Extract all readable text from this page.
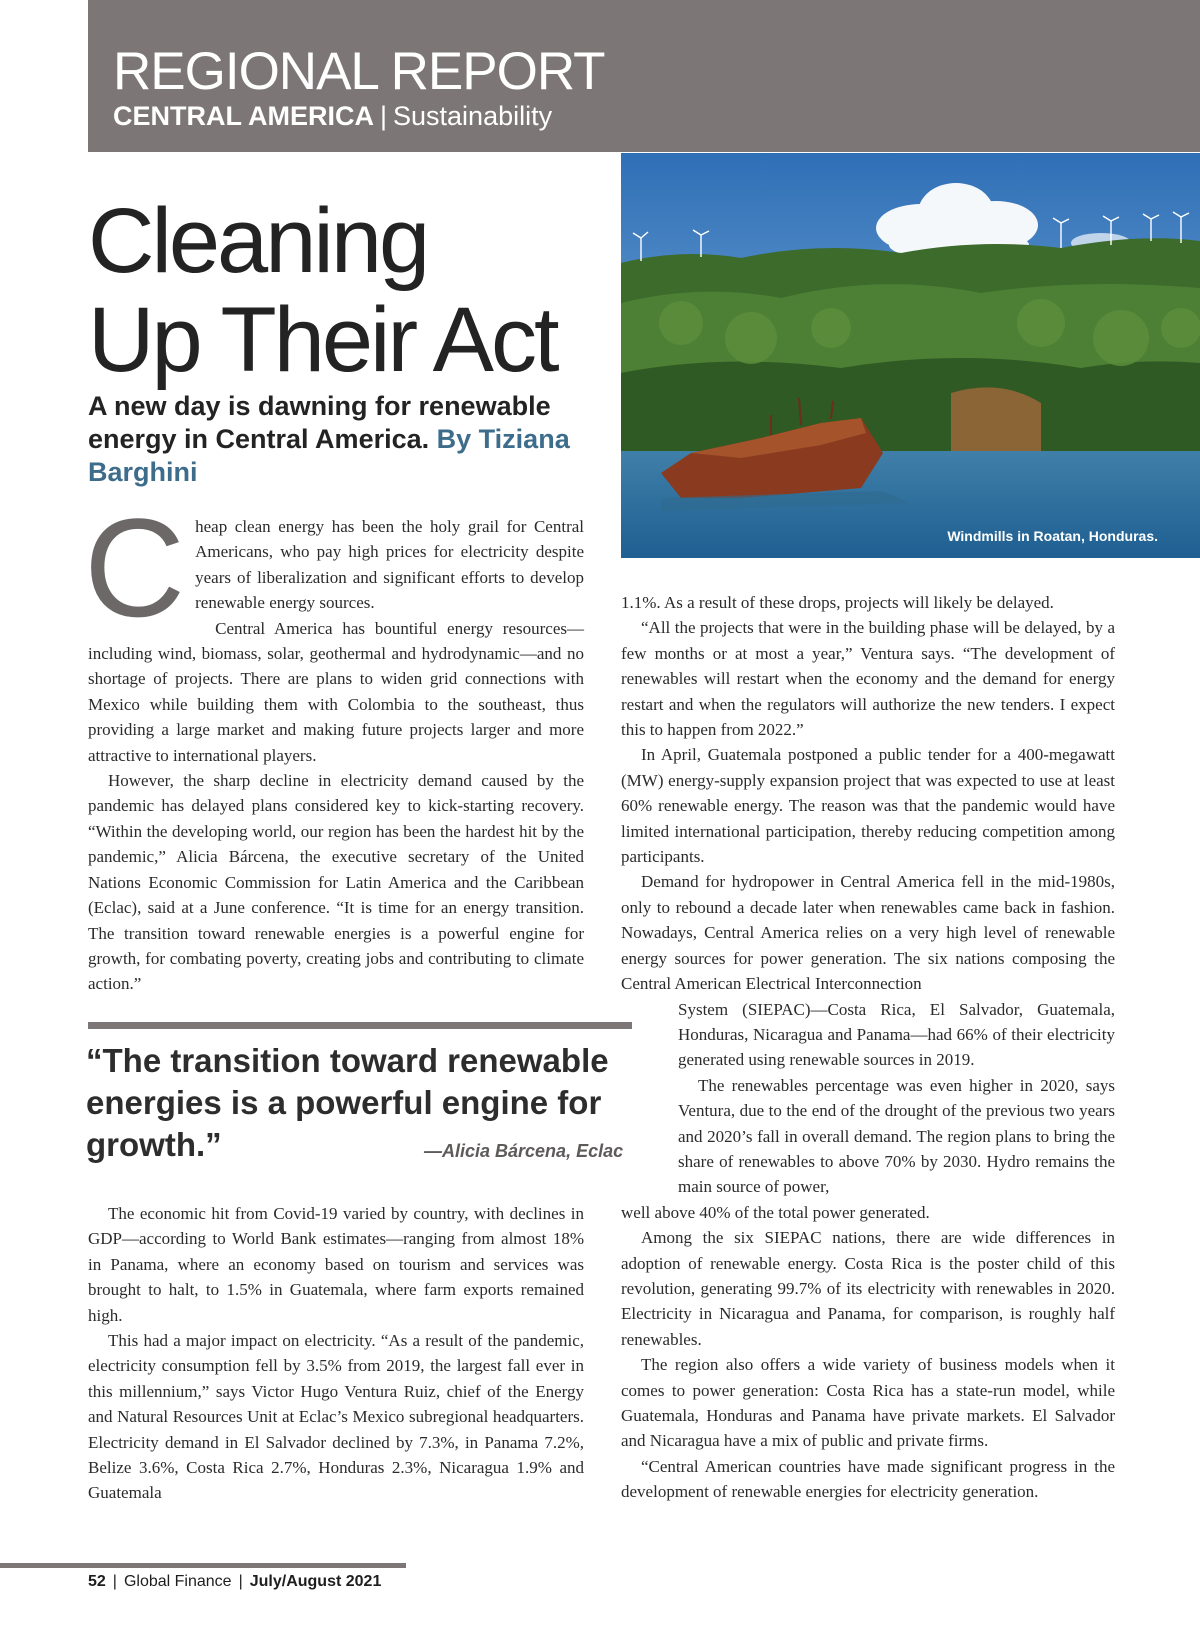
REGIONAL REPORT
CENTRAL AMERICA | Sustainability
Windmills in Roatan, Honduras.
Cleaning
Up Their Act

A new day is dawning for renewable energy in Central America. By Tiziana Barghini

C heap clean energy has been the holy grail for Central Americans, who pay high prices for electricity despite years of liberalization and significant efforts to develop renewable energy sources.

Central America has bountiful energy resources—including wind, biomass, solar, geothermal and hydrodynamic—and no shortage of projects. There are plans to widen grid connections with Mexico while building them with Colombia to the southeast, thus providing a large market and making future projects larger and more attractive to international players.

However, the sharp decline in electricity demand caused by the pandemic has delayed plans considered key to kick-starting recovery. “Within the developing world, our region has been the hardest hit by the pandemic,” Alicia Bárcena, the executive secretary of the United Nations Economic Commission for Latin America and the Caribbean (Eclac), said at a June conference. “It is time for an energy transition. The transition toward renewable energies is a powerful engine for growth, for combating poverty, creating jobs and contributing to climate action.”

“The transition toward renewable energies is a powerful engine for growth.”	—Alicia Bárcena, Eclac

The economic hit from Covid-19 varied by country, with declines in GDP—according to World Bank estimates—ranging from almost 18% in Panama, where an economy based on tourism and services was brought to halt, to 1.5% in Guatemala, where farm exports remained high.

This had a major impact on electricity. “As a result of the pandemic, electricity consumption fell by 3.5% from 2019, the largest fall ever in this millennium,” says Victor Hugo Ventura Ruiz, chief of the Energy and Natural Resources Unit at Eclac’s Mexico subregional headquarters. Electricity demand in El Salvador declined by 7.3%, in Panama 7.2%, Belize 3.6%, Costa Rica 2.7%, Honduras 2.3%, Nicaragua 1.9% and Guatemala

1.1%. As a result of these drops, projects will likely be delayed.

“All the projects that were in the building phase will be delayed, by a few months or at most a year,” Ventura says. “The development of renewables will restart when the economy and the demand for energy restart and when the regulators will authorize the new tenders. I expect this to happen from 2022.”

In April, Guatemala postponed a public tender for a 400-megawatt (MW) energy-supply expansion project that was expected to use at least 60% renewable energy. The reason was that the pandemic would have limited international participation, thereby reducing competition among participants.

Demand for hydropower in Central America fell in the mid-1980s, only to rebound a decade later when renewables came back in fashion. Nowadays, Central America relies on a very high level of renewable energy sources for power generation. The six nations composing the Central American Electrical Interconnection

System (SIEPAC)—Costa Rica, El Salvador, Guatemala, Honduras, Nicaragua and Panama—had 66% of their electricity generated using renewable sources in 2019.

The renewables percentage was even higher in 2020, says Ventura, due to the end of the drought of the previous two years and 2020’s fall in overall demand. The region plans to bring the share of renewables to above 70% by 2030. Hydro remains the main source of power,

well above 40% of the total power generated.

Among the six SIEPAC nations, there are wide differences in adoption of renewable energy. Costa Rica is the poster child of this revolution, generating 99.7% of its electricity with renewables in 2020. Electricity in Nicaragua and Panama, for comparison, is roughly half renewables.

The region also offers a wide variety of business models when it comes to power generation: Costa Rica has a state-run model, while Guatemala, Honduras and Panama have private markets. El Salvador and Nicaragua have a mix of public and private firms.

“Central American countries have made significant progress in the development of renewable energies for electricity generation.

52 | Global Finance | July/August 2021
